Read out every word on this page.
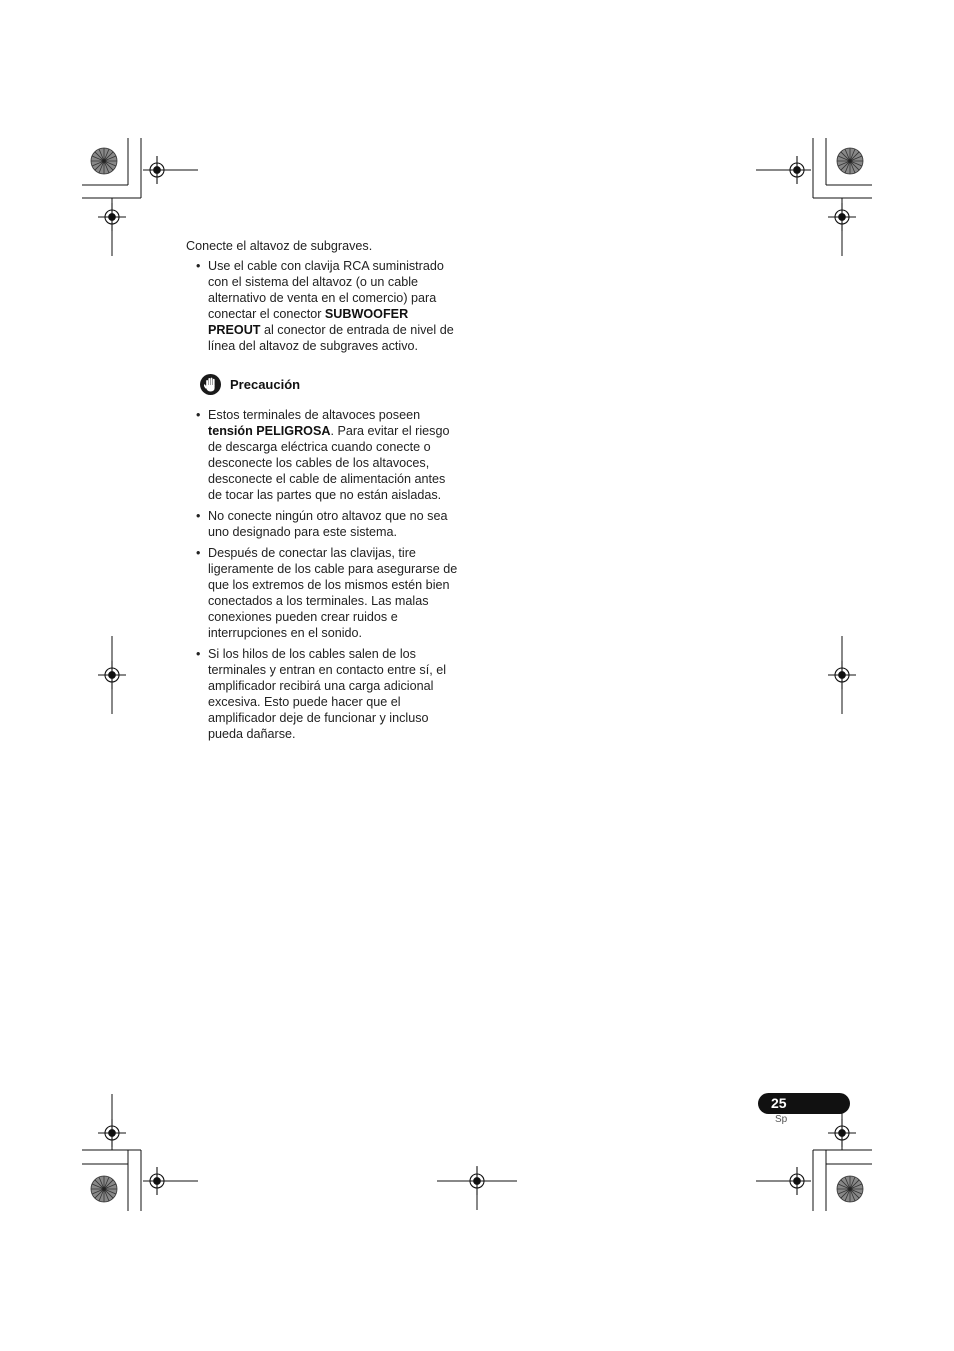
Conecte el altavoz de subgraves.

• Use el cable con clavija RCA suministrado con el sistema del altavoz (o un cable alternativo de venta en el comercio) para conectar el conector SUBWOOFER PREOUT al conector de entrada de nivel de línea del altavoz de subgraves activo.
Precaución
• Estos terminales de altavoces poseen tensión PELIGROSA. Para evitar el riesgo de descarga eléctrica cuando conecte o desconecte los cables de los altavoces, desconecte el cable de alimentación antes de tocar las partes que no están aisladas.
• No conecte ningún otro altavoz que no sea uno designado para este sistema.
• Después de conectar las clavijas, tire ligeramente de los cable para asegurarse de que los extremos de los mismos estén bien conectados a los terminales. Las malas conexiones pueden crear ruidos e interrupciones en el sonido.
• Si los hilos de los cables salen de los terminales y entran en contacto entre sí, el amplificador recibirá una carga adicional excesiva. Esto puede hacer que el amplificador deje de funcionar y incluso pueda dañarse.
25
Sp
